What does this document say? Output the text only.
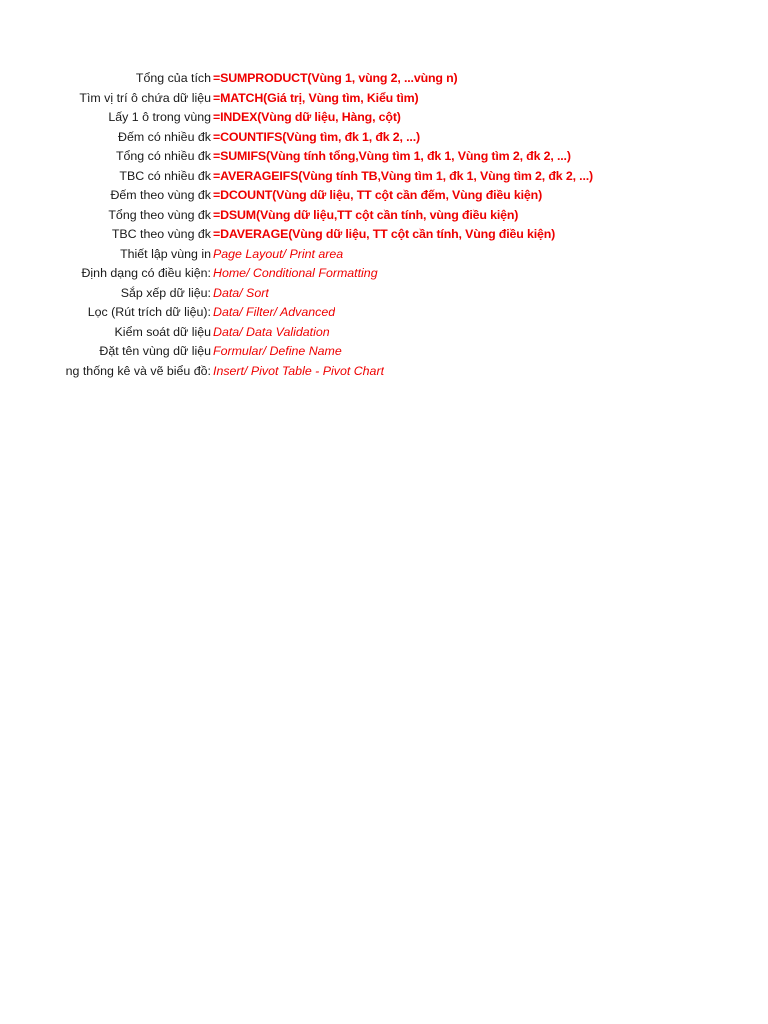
Tổng của tích =SUMPRODUCT(Vùng 1, vùng 2, ...vùng n)
Tìm vị trí ô chứa dữ liệu =MATCH(Giá trị, Vùng tìm, Kiểu tìm)
Lấy 1 ô trong vùng =INDEX(Vùng dữ liệu, Hàng, cột)
Đếm có nhiều đk =COUNTIFS(Vùng tìm, đk 1, đk 2, ...)
Tổng có nhiều đk =SUMIFS(Vùng tính tổng,Vùng tìm 1, đk 1, Vùng tìm 2, đk 2, ...)
TBC có nhiều đk =AVERAGEIFS(Vùng tính TB,Vùng tìm 1, đk 1, Vùng tìm 2, đk 2, ...)
Đếm theo vùng đk =DCOUNT(Vùng dữ liệu, TT cột cần đếm, Vùng điều kiện)
Tổng theo vùng đk =DSUM(Vùng dữ liệu,TT cột cần tính, vùng điều kiện)
TBC theo vùng đk =DAVERAGE(Vùng dữ liệu, TT cột cần tính, Vùng điều kiện)
Thiết lập vùng in Page Layout/ Print area
Định dạng có điều kiện: Home/ Conditional Formatting
Sắp xếp dữ liệu: Data/ Sort
Lọc (Rút trích dữ liệu): Data/ Filter/ Advanced
Kiểm soát dữ liệu Data/ Data Validation
Đặt tên vùng dữ liệu Formular/ Define Name
ng thống kê và vẽ biểu đồ: Insert/ Pivot Table - Pivot Chart
